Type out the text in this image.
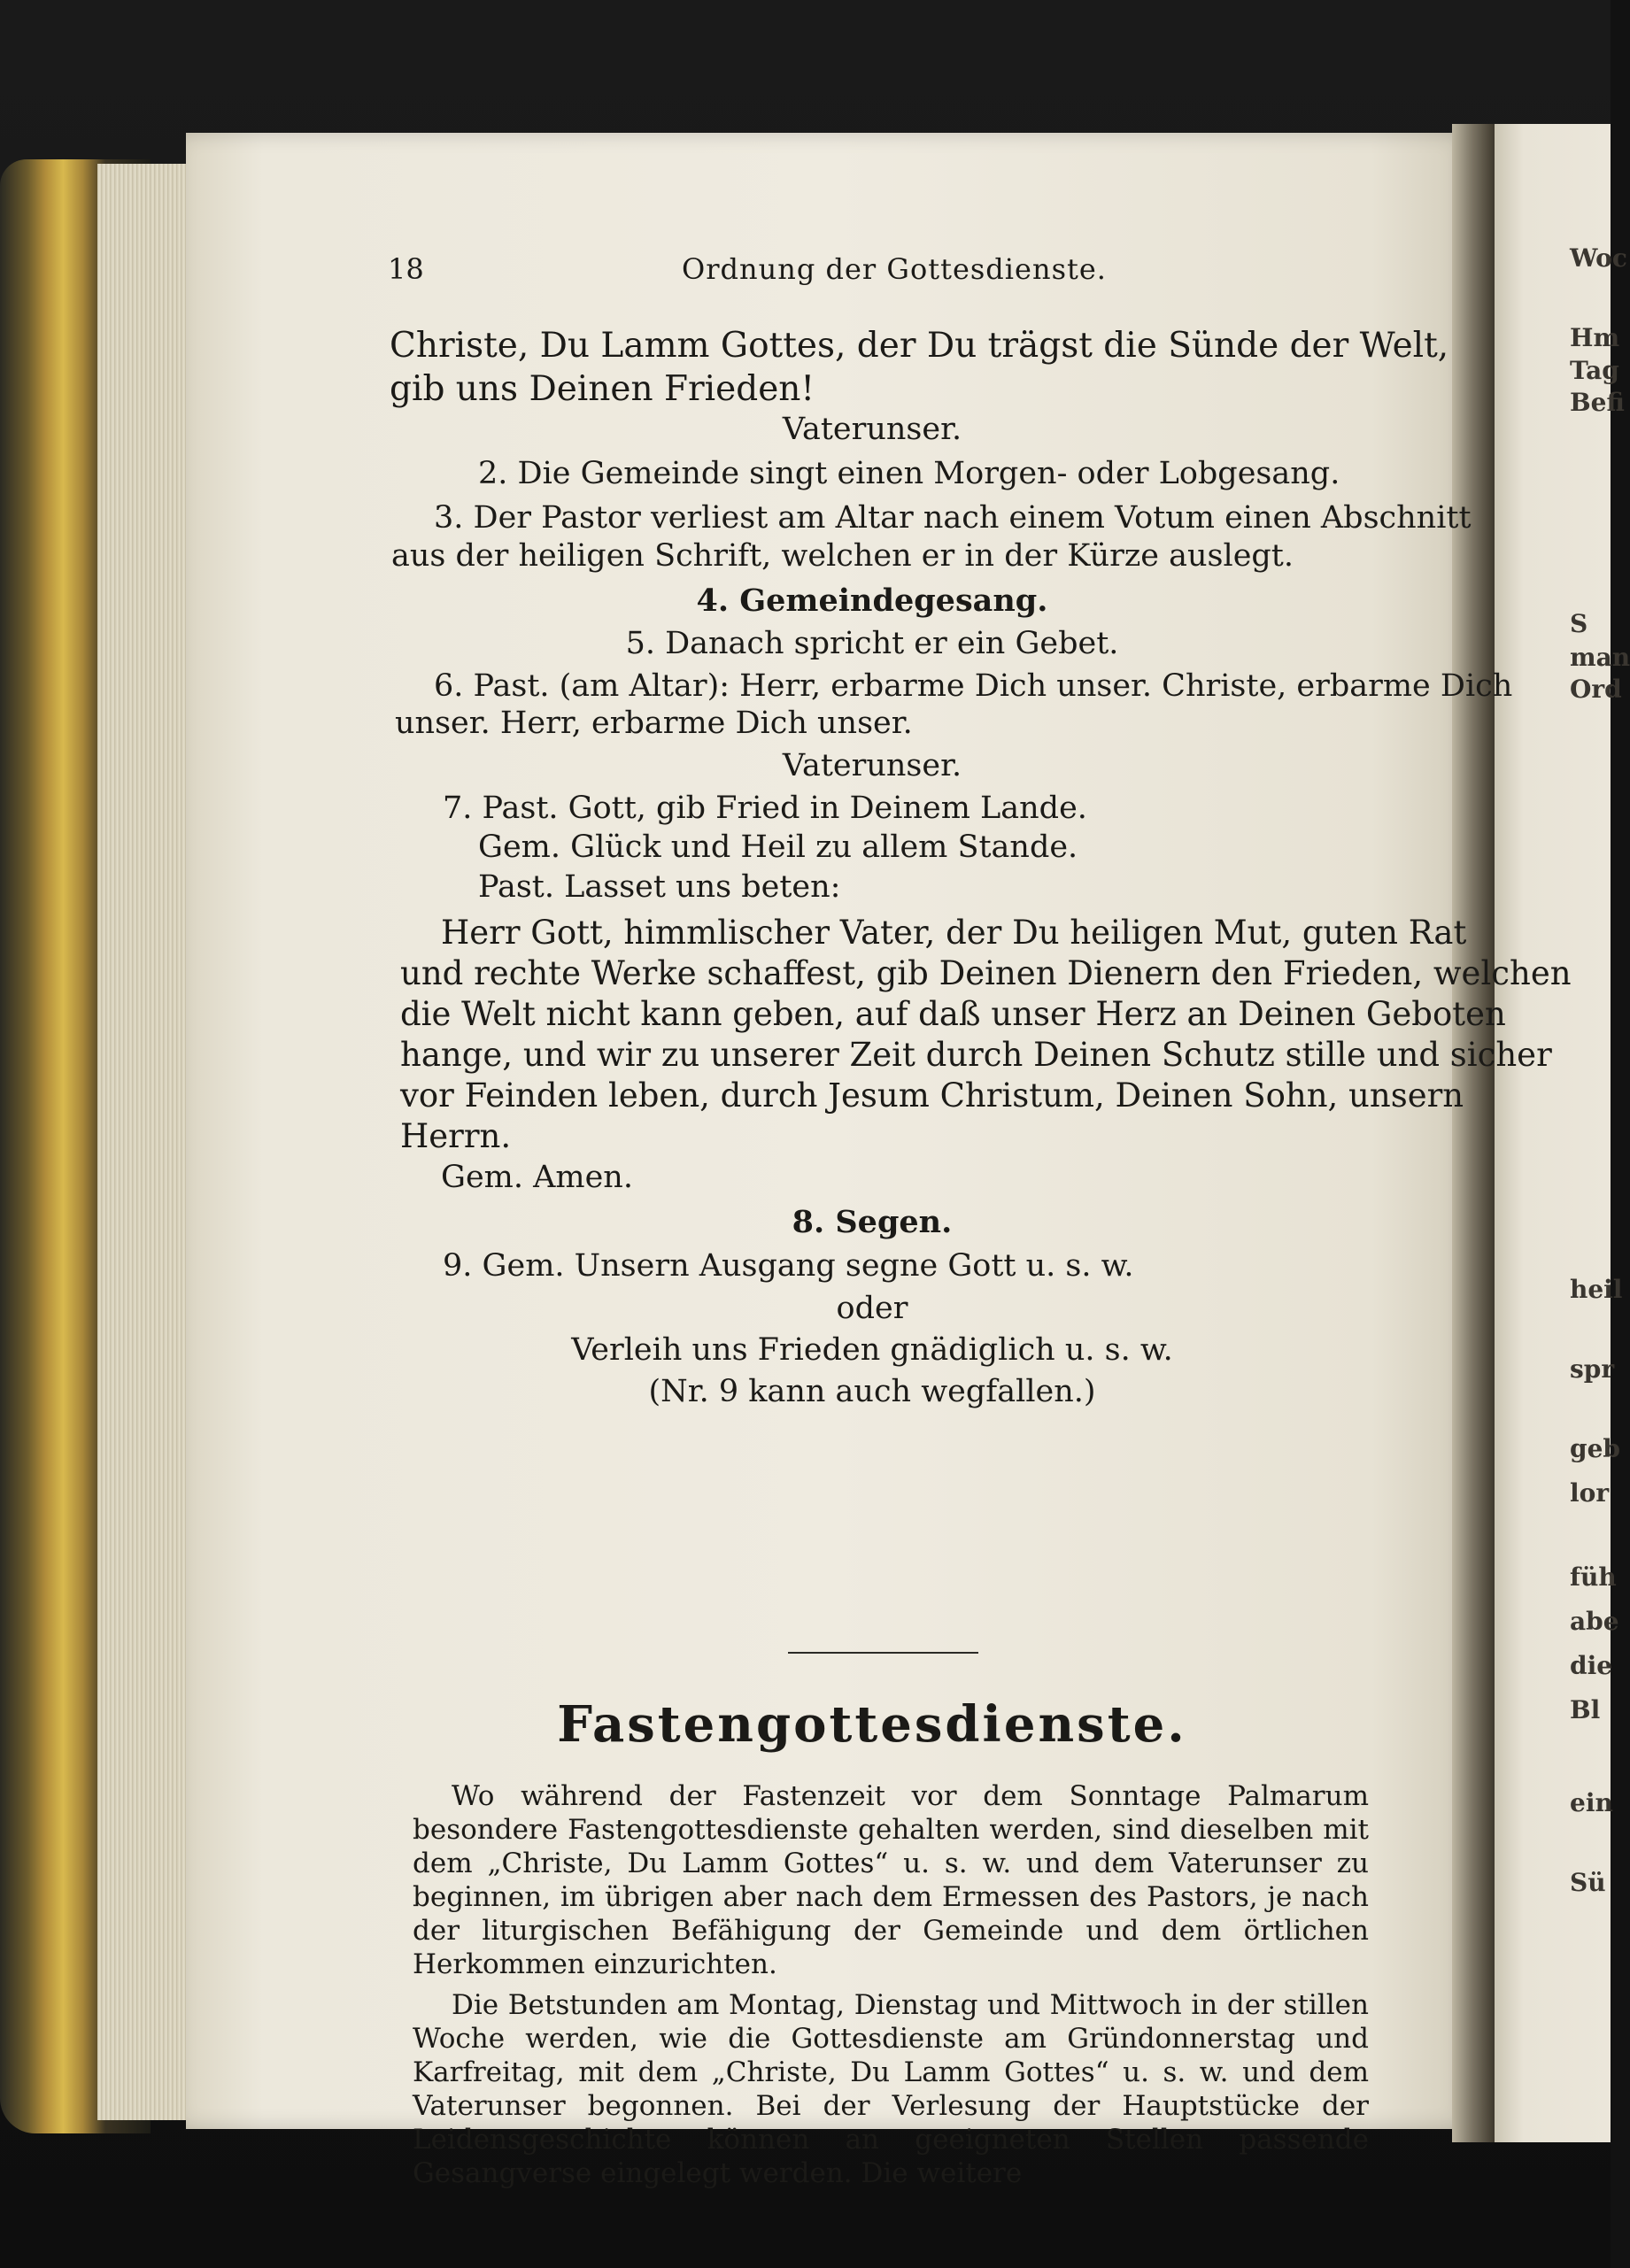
Woc
Hm
Tag
Befi
S
man
Ord
heil
spr
geb
lor
füh
abe
die
Bl
ein
Sü
18	Ordnung der Gottesdienste.
Christe, Du Lamm Gottes, der Du trägst die Sünde der Welt,
gib uns Deinen Frieden!
Vaterunser.
2. Die Gemeinde singt einen Morgen- oder Lobgesang.
3. Der Pastor verliest am Altar nach einem Votum einen Abschnitt
aus der heiligen Schrift, welchen er in der Kürze auslegt.
4. Gemeindegesang.
5. Danach spricht er ein Gebet.
6. Past. (am Altar): Herr, erbarme Dich unser. Christe, erbarme Dich
unser. Herr, erbarme Dich unser.
Vaterunser.
7. Past. Gott, gib Fried in Deinem Lande.
Gem. Glück und Heil zu allem Stande.
Past. Lasset uns beten:
Herr Gott, himmlischer Vater, der Du heiligen Mut, guten Rat
und rechte Werke schaffest, gib Deinen Dienern den Frieden, welchen
die Welt nicht kann geben, auf daß unser Herz an Deinen Geboten
hange, und wir zu unserer Zeit durch Deinen Schutz stille und sicher
vor Feinden leben, durch Jesum Christum, Deinen Sohn, unsern
Herrn.
Gem. Amen.
8. Segen.
9. Gem. Unsern Ausgang segne Gott u. s. w.
oder
Verleih uns Frieden gnädiglich u. s. w.
(Nr. 9 kann auch wegfallen.)
Fastengottesdienste.

Wo während der Fastenzeit vor dem Sonntage Palmarum besondere Fastengottesdienste gehalten werden, sind dieselben mit dem „Christe, Du Lamm Gottes“ u. s. w. und dem Vaterunser zu beginnen, im übrigen aber nach dem Ermessen des Pastors, je nach der liturgischen Befähigung der Gemeinde und dem örtlichen Herkommen einzurichten.

Die Betstunden am Montag, Dienstag und Mittwoch in der stillen Woche werden, wie die Gottesdienste am Gründonnerstag und Karfreitag, mit dem „Christe, Du Lamm Gottes“ u. s. w. und dem Vaterunser begonnen. Bei der Verlesung der Hauptstücke der Leidensgeschichte können an geeigneten Stellen passende Gesangverse eingelegt werden. Die weitere
